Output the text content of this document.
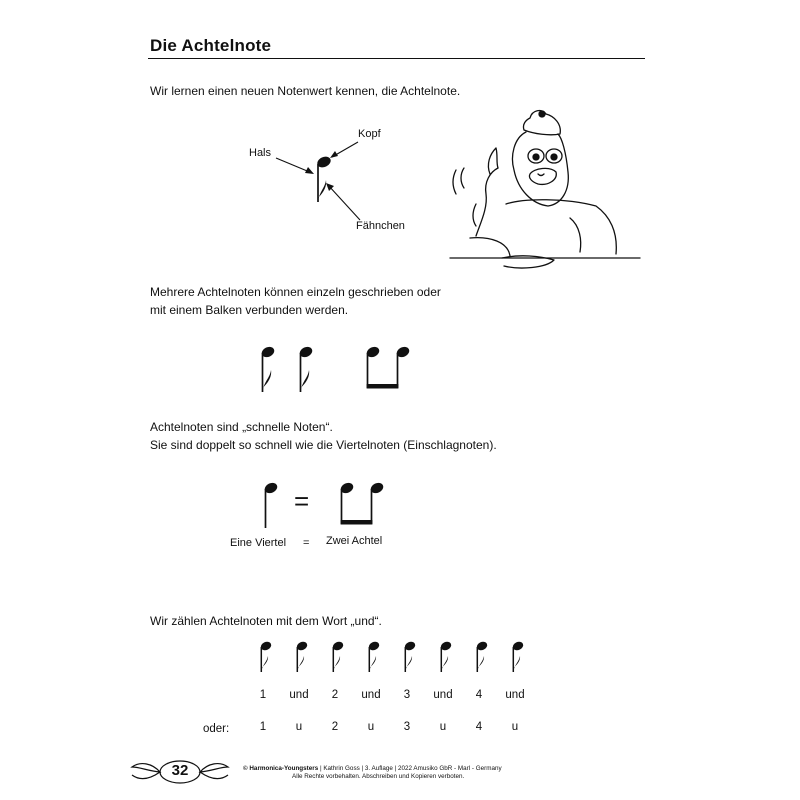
Die Achtelnote
Wir lernen einen neuen Notenwert kennen, die Achtelnote.
Hals
Kopf
Fähnchen
Mehrere Achtelnoten können einzeln geschrieben oder
mit einem Balken verbunden werden.
Achtelnoten sind „schnelle Noten“.
Sie sind doppelt so schnell wie die Viertelnoten (Einschlagnoten).
=
Eine Viertel = Zwei Achtel
Wir zählen Achtelnoten mit dem Wort „und“.
1	und	2	und	3	und	4	und
oder:	1	u	2	u	3	u	4	u
32	© Harmonica-Youngsters | Kathrin Goss | 3. Auflage | 2022 Amusiko GbR - Marl - Germany
Alle Rechte vorbehalten. Abschreiben und Kopieren verboten.
